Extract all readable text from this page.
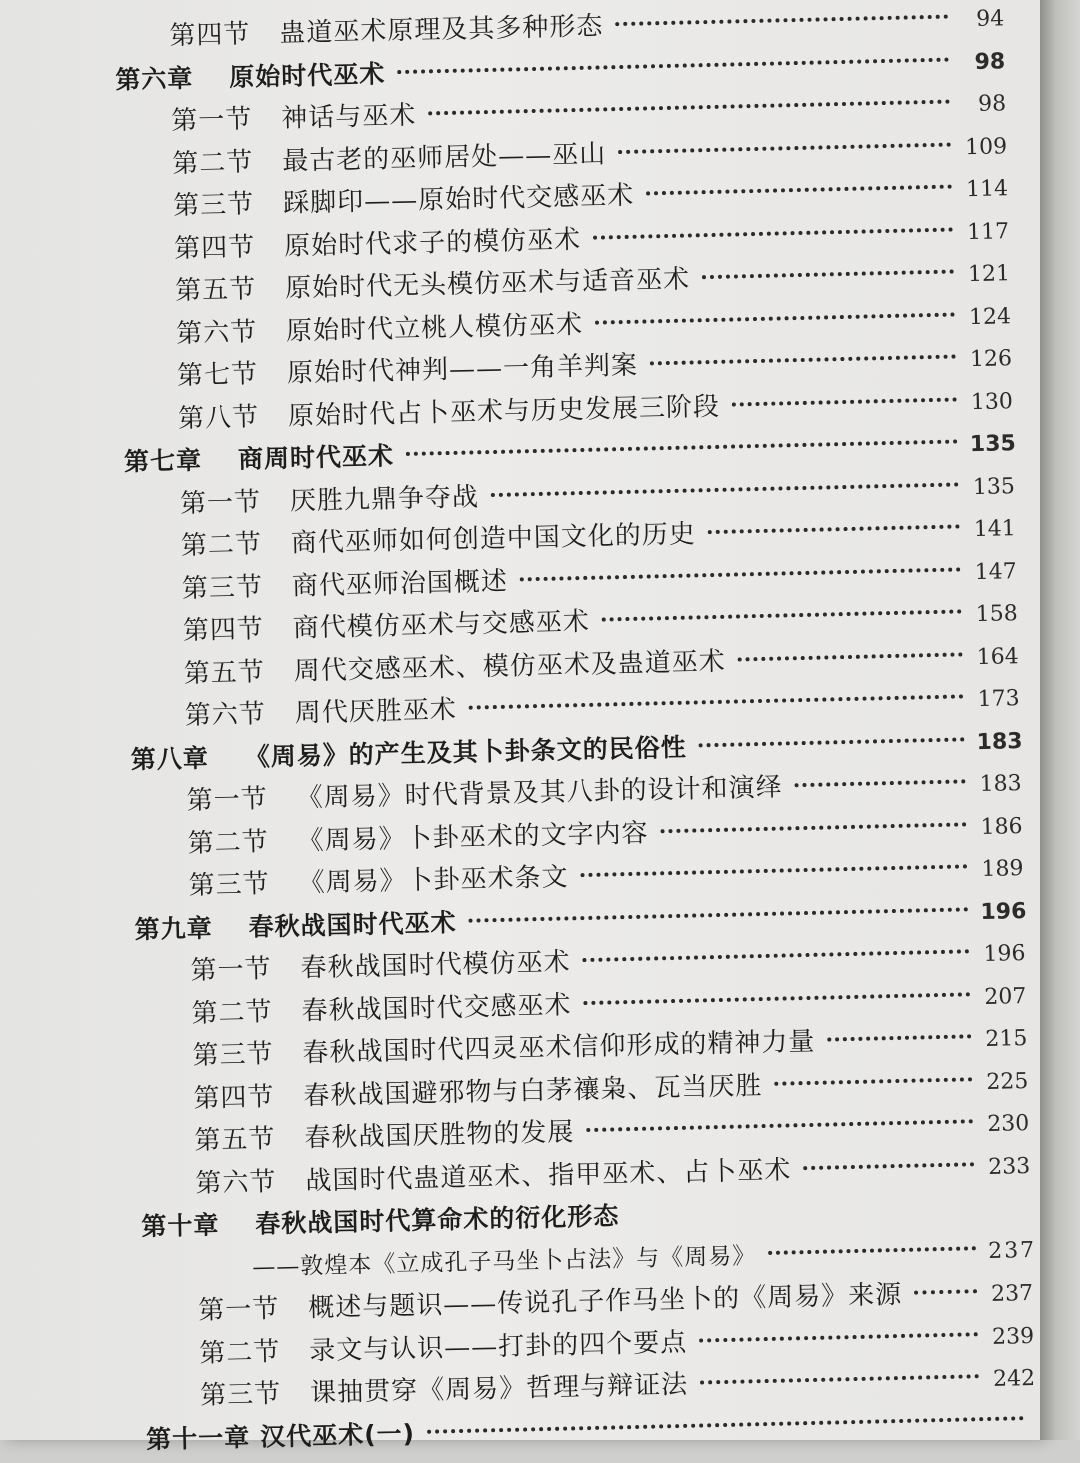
第四节	蛊道巫术原理及其多种形态	94
第六章	原始时代巫术	98
第一节	神话与巫术	98
第二节	最古老的巫师居处——巫山	109
第三节	踩脚印——原始时代交感巫术	114
第四节	原始时代求子的模仿巫术	117
第五节	原始时代无头模仿巫术与适音巫术	121
第六节	原始时代立桃人模仿巫术	124
第七节	原始时代神判——一角羊判案	126
第八节	原始时代占卜巫术与历史发展三阶段	130
第七章	商周时代巫术	135
第一节	厌胜九鼎争夺战	135
第二节	商代巫师如何创造中国文化的历史	141
第三节	商代巫师治国概述	147
第四节	商代模仿巫术与交感巫术	158
第五节	周代交感巫术、模仿巫术及蛊道巫术	164
第六节	周代厌胜巫术	173
第八章	《周易》的产生及其卜卦条文的民俗性	183
第一节	《周易》时代背景及其八卦的设计和演绎	183
第二节	《周易》卜卦巫术的文字内容	186
第三节	《周易》卜卦巫术条文	189
第九章	春秋战国时代巫术	196
第一节	春秋战国时代模仿巫术	196
第二节	春秋战国时代交感巫术	207
第三节	春秋战国时代四灵巫术信仰形成的精神力量	215
第四节	春秋战国避邪物与白茅禳枭、瓦当厌胜	225
第五节	春秋战国厌胜物的发展	230
第六节	战国时代蛊道巫术、指甲巫术、占卜巫术	233
第十章	春秋战国时代算命术的衍化形态
——敦煌本《立成孔子马坐卜占法》与《周易》	237
第一节	概述与题识——传说孔子作马坐卜的《周易》来源	237
第二节	录文与认识——打卦的四个要点	239
第三节	课抽贯穿《周易》哲理与辩证法	242
第十一章 汉代巫术(一)
